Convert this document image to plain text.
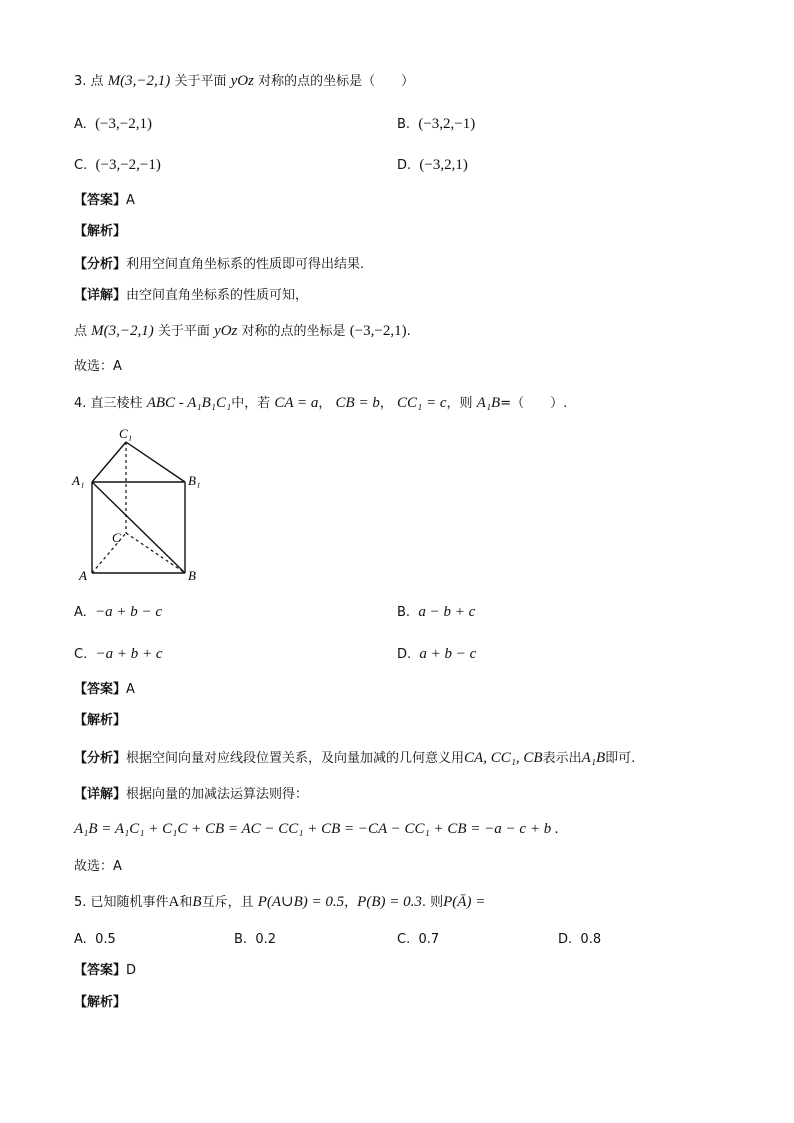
3. 点 M(3,−2,1) 关于平面 yOz 对称的点的坐标是（　　）
A. (−3,−2,1)	B. (−3,2,−1)
C. (−3,−2,−1)	D. (−3,2,1)
【答案】A
【解析】
【分析】利用空间直角坐标系的性质即可得出结果.
【详解】由空间直角坐标系的性质可知，
点 M(3,−2,1) 关于平面 yOz 对称的点的坐标是 (−3,−2,1).
故选：A
4. 直三棱柱 ABC - A₁B₁C₁中，若 CA = a， CB = b， CC₁ = c，则 A₁B=（　　）.
C₁
A₁	B₁
C
A	B
A. −a + b − c	B. a − b + c
C. −a + b + c	D. a + b − c
【答案】A
【解析】
【分析】根据空间向量对应线段位置关系，及向量加减的几何意义用CA, CC₁, CB表示出A₁B即可.
【详解】根据向量的加减法运算法则得：
A₁B = A₁C₁ + C₁C + CB = AC − CC₁ + CB = −CA − CC₁ + CB = −a − c + b .
故选：A
5. 已知随机事件A和B互斥，且 P(A∪B) = 0.5，P(B) = 0.3. 则P(Ā) =
A. 0.5	B. 0.2	C. 0.7	D. 0.8
【答案】D
【解析】
